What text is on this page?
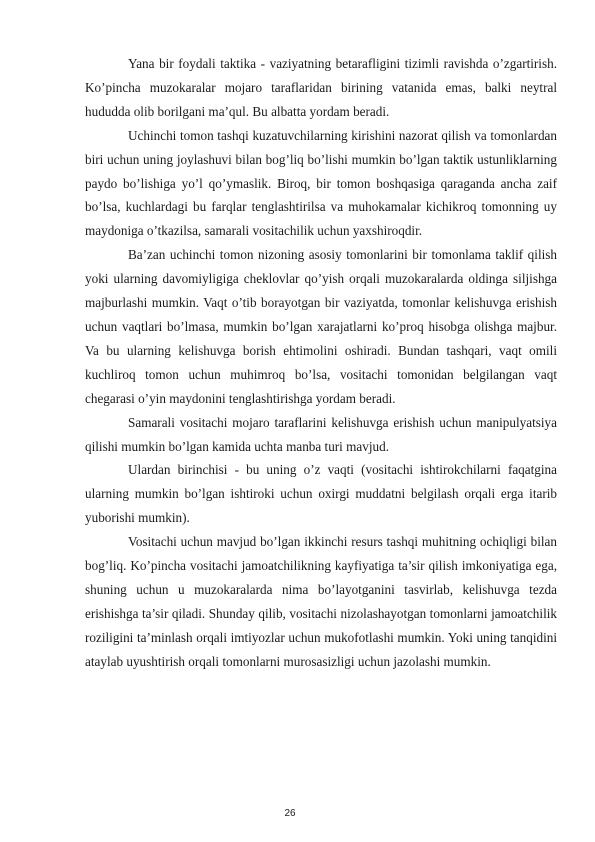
Yana bir foydali taktika - vaziyatning betarafligini tizimli ravishda o’zgartirish. Ko’pincha muzokaralar mojaro taraflaridan birining vatanida emas, balki neytral hududda olib borilgani ma’qul. Bu albatta yordam beradi.

Uchinchi tomon tashqi kuzatuvchilarning kirishini nazorat qilish va tomonlardan biri uchun uning joylashuvi bilan bog’liq bo’lishi mumkin bo’lgan taktik ustunliklarning paydo bo’lishiga yo’l qo’ymaslik. Biroq, bir tomon boshqasiga qaraganda ancha zaif bo’lsa, kuchlardagi bu farqlar tenglashtirilsa va muhokamalar kichikroq tomonning uy maydoniga o’tkazilsa, samarali vositachilik uchun yaxshiroqdir.

Ba’zan uchinchi tomon nizoning asosiy tomonlarini bir tomonlama taklif qilish yoki ularning davomiyligiga cheklovlar qo’yish orqali muzokaralarda oldinga siljishga majburlashi mumkin. Vaqt o’tib borayotgan bir vaziyatda, tomonlar kelishuvga erishish uchun vaqtlari bo’lmasa, mumkin bo’lgan xarajatlarni ko’proq hisobga olishga majbur. Va bu ularning kelishuvga borish ehtimolini oshiradi. Bundan tashqari, vaqt omili kuchliroq tomon uchun muhimroq bo’lsa, vositachi tomonidan belgilangan vaqt chegarasi o’yin maydonini tenglashtirishga yordam beradi.

Samarali vositachi mojaro taraflarini kelishuvga erishish uchun manipulyatsiya qilishi mumkin bo’lgan kamida uchta manba turi mavjud.

Ulardan birinchisi - bu uning o’z vaqti (vositachi ishtirokchilarni faqatgina ularning mumkin bo’lgan ishtiroki uchun oxirgi muddatni belgilash orqali erga itarib yuborishi mumkin).

Vositachi uchun mavjud bo’lgan ikkinchi resurs tashqi muhitning ochiqligi bilan bog’liq. Ko’pincha vositachi jamoatchilikning kayfiyatiga ta’sir qilish imkoniyatiga ega, shuning uchun u muzokaralarda nima bo’layotganini tasvirlab, kelishuvga tezda erishishga ta’sir qiladi. Shunday qilib, vositachi nizolashayotgan tomonlarni jamoatchilik roziligini ta’minlash orqali imtiyozlar uchun mukofotlashi mumkin. Yoki uning tanqidini ataylab uyushtirish orqali tomonlarni murosasizligi uchun jazolashi mumkin.

26
